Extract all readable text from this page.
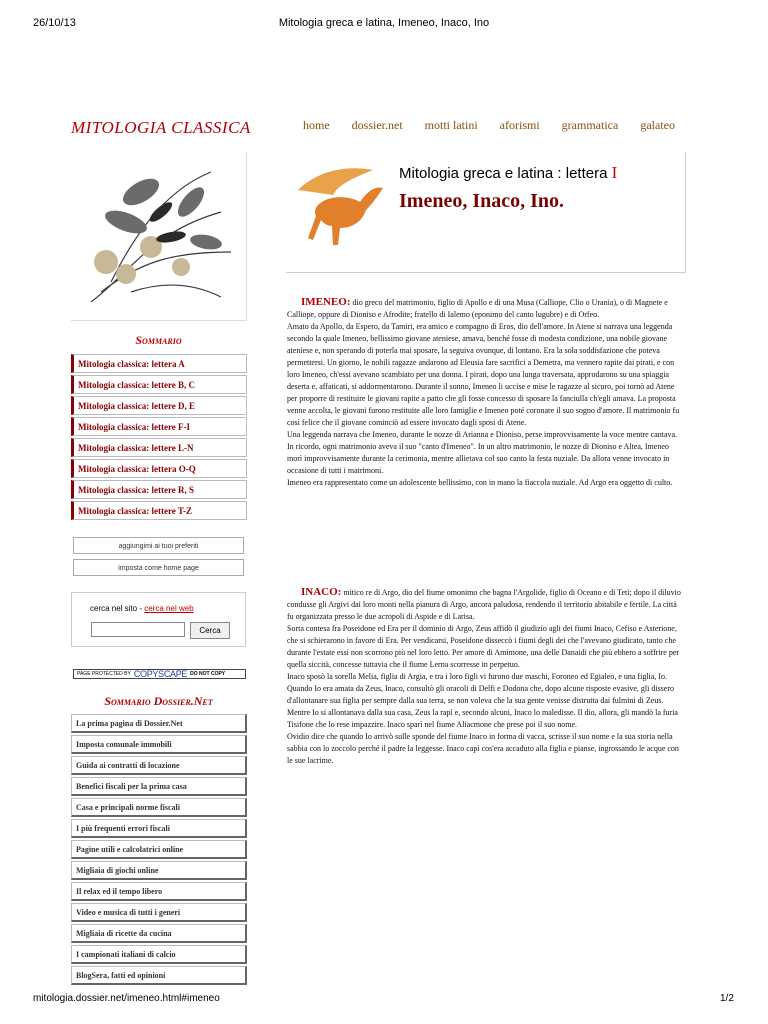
26/10/13	Mitologia greca e latina, Imeneo, Inaco, Ino
MITOLOGIA CLASSICA	home dossier.net motti latini aforismi grammatica galateo
Mitologia greca e latina : lettera I
Imeneo, Inaco, Ino.
Sommario
Mitologia classica: lettera A
Mitologia classica: lettere B, C
Mitologia classica: lettere D, E
Mitologia classica: lettere F-I
Mitologia classica: lettere L-N
Mitologia classica: lettera O-Q
Mitologia classica: lettere R, S
Mitologia classica: lettere T-Z
aggiungimi ai tuoi preferiti
imposta come home page
cerca nel sito - cerca nel web
Cerca
PAGE PROTECTED BY COPYSCAPE DO NOT COPY
Sommario Dossier.Net
La prima pagina di Dossier.Net
Imposta comunale immobili
Guida ai contratti di locazione
Benefici fiscali per la prima casa
Casa e principali norme fiscali
I più frequenti errori fiscali
Pagine utili e calcolatrici online
Migliaia di giochi online
Il relax ed il tempo libero
Video e musica di tutti i generi
Migliaia di ricette da cucina
I campionati italiani di calcio
BlogSera, fatti ed opinioni

IMENEO: dio greco del matrimonio, figlio di Apollo e di una Musa (Calliope, Clio o Urania), o di Magnete e Calliope, oppure di Dioniso e Afrodite; fratello di Ialemo (eponimo del canto lugubre) e di Orfeo.

Amato da Apollo, da Espero, da Tamiri, era amico e compagno di Eros, dio dell'amore. In Atene si narrava una leggenda secondo la quale Imeneo, bellissimo giovane ateniese, amava, benché fosse di modesta condizione, una nobile giovane ateniese e, non sperando di poterla mai sposare, la seguiva ovunque, di lontano. Era la sola soddisfazione che poteva permettersi. Un giorno, le nobili ragazze andarono ad Eleusia fare sacrifici a Demetra, ma vennero rapite dai pirati, e con loro Imeneo, ch'essi avevano scambiato per una donna. I pirati, dopo una lunga traversata, approdarono su una spiaggia deserta e, affaticati, si addormentarono. Durante il sonno, Imeneo li uccise e mise le ragazze al sicuro, poi tornò ad Atene per proporre di restituire le giovani rapite a patto che gli fosse concesso di sposare la fanciulla ch'egli amava. La proposta venne accolta, le giovani furono restituite alle loro famiglie e Imeneo poté coronare il suo sogno d'amore. Il matrimonio fu così felice che il giovane cominciò ad essere invocato dagli sposi di Atene.

Una leggenda narrava che Imeneo, durante le nozze di Arianna e Dioniso, perse improvvisamente la voce mentre cantava. In ricordo, ogni matrimonio aveva il suo "canto d'Imeneo". In un altro matrimonio, le nozze di Dioniso e Altea, Imeneo morì improvvisamente durante la cerimonia, mentre allietava col suo canto la festa nuziale. Da allora venne invocato in occasione di tutti i matrimoni.

Imeneo era rappresentato come un adolescente bellissimo, con in mano la fiaccola nuziale. Ad Argo era oggetto di culto.

INACO: mitico re di Argo, dio del fiume omonimo che bagna l'Argolide, figlio di Oceano e di Teti; dopo il diluvio condusse gli Argivi dai loro monti nella pianura di Argo, ancora paludosa, rendendo il territorio abitabile e fertile. La città fu organizzata presso le due acropoli di Aspide e di Larisa.

Sorta contesa fra Poseidone ed Era per il dominio di Argo, Zeus affidò il giudizio agli dei fiumi Inaco, Cefiso e Asterione, che si schierarono in favore di Era. Per vendicarsi, Poseidone disseccò i fiumi degli dei che l'avevano giudicato, tanto che durante l'estate essi non scorrono più nel loro letto. Per amore di Amimone, una delle Danaidi che più ebbero a soffrire per quella siccità, concesse tuttavia che il fiume Lerna scorresse in perpetuo.

Inaco sposò la sorella Melia, figlia di Argia, e tra i loro figli vi furono due maschi, Foroneo ed Egialeo, e una figlia, Io. Quando Io era amata da Zeus, Inaco, consultò gli oracoli di Delfi e Dodona che, dopo alcune risposte evasive, gli dissero d'allontanare sua figlia per sempre dalla sua terra, se non voleva che la sua gente venisse distrutta dai fulmini di Zeus. Mentre Io si allontanava dalla sua casa, Zeus la rapì e, secondo alcuni, Inaco lo maledisse. Il dio, allora, gli mandò la furia Tisifone che lo rese impazzire. Inaco sparì nel fiume Aliacmone che prese poi il suo nome.

Ovidio dice che quando Io arrivò sulle sponde del fiume Inaco in forma di vacca, scrisse il suo nome e la sua storia nella sabbia con lo zoccolo perché il padre la leggesse. Inaco capì cos'era accaduto alla figlia e pianse, ingrossando le acque con le sue lacrime.

mitologia.dossier.net/imeneo.html#imeneo	1/2
